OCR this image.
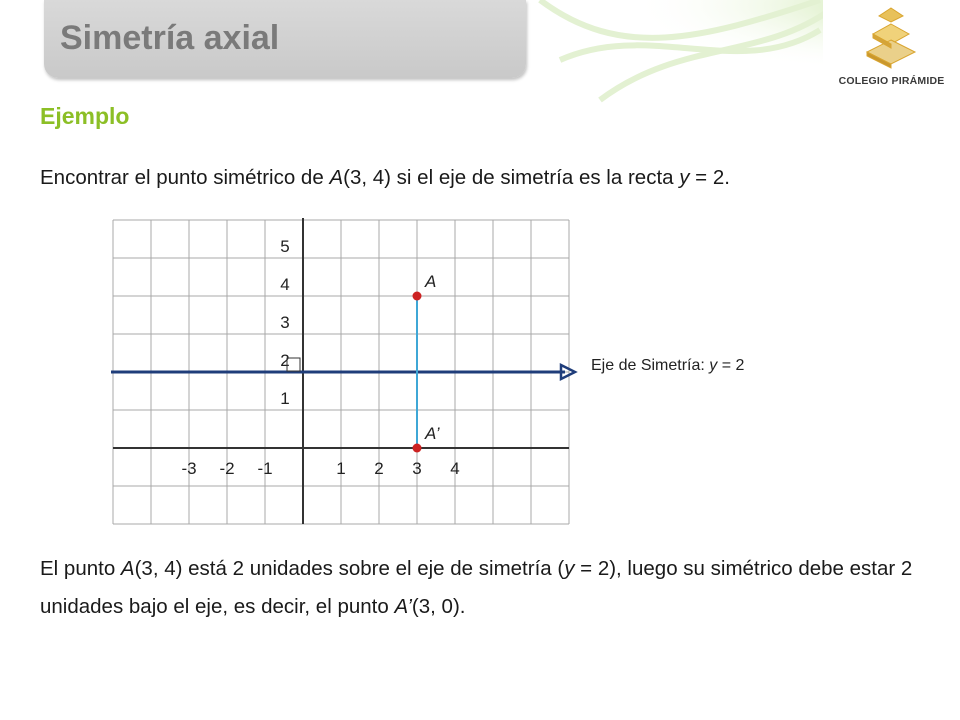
Simetría axial
COLEGIO PIRÁMIDE
Ejemplo
Encontrar el punto simétrico de A(3, 4) si el eje de simetría es la recta y = 2.
-3 -2 -1	1 2 3 4
5
4
3
2
1
A
A’
Eje de Simetría: y = 2
El punto A(3, 4) está 2 unidades sobre el eje de simetría (y = 2), luego su simétrico debe estar 2 unidades bajo el eje, es decir, el punto A’(3, 0).
